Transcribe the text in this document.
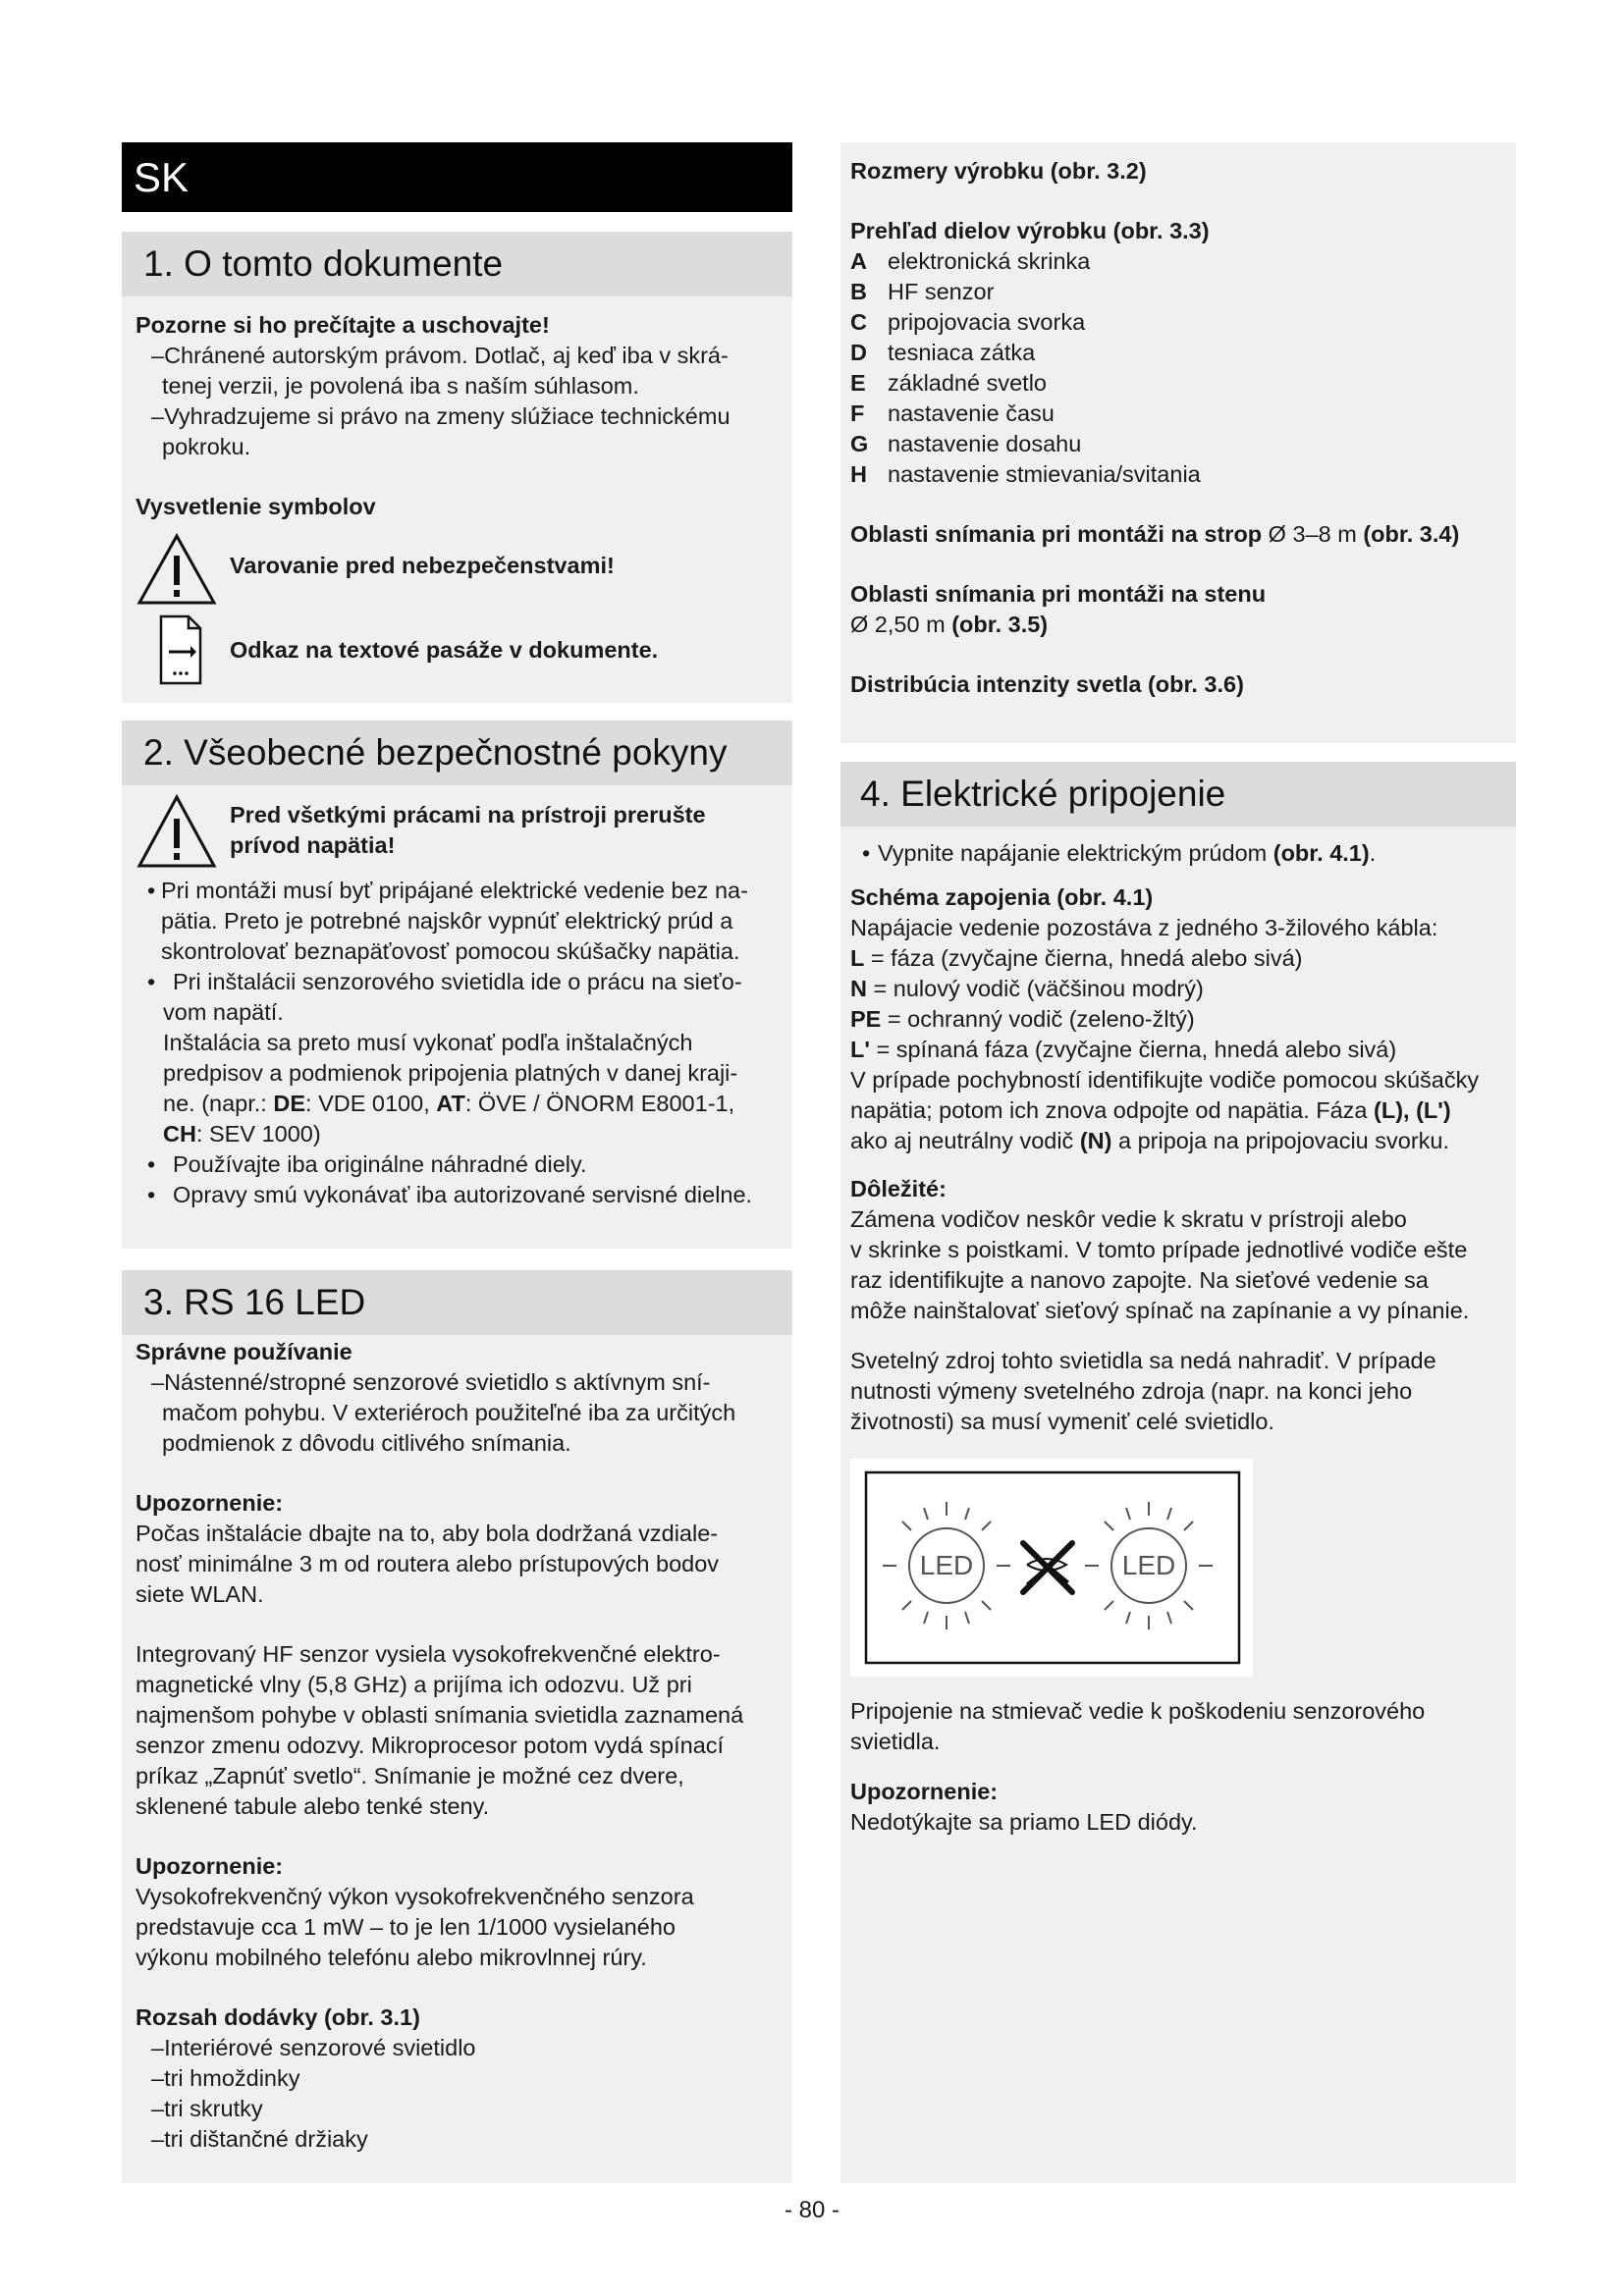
SK
1. O tomto dokumente
Pozorne si ho prečítajte a uschovajte!
–Chránené autorským právom. Dotlač, aj keď iba v skrá-
tenej verzii, je povolená iba s naším súhlasom.
–Vyhradzujeme si právo na zmeny slúžiace technickému
pokroku.
Vysvetlenie symbolov
Varovanie pred nebezpečenstvami!
Odkaz na textové pasáže v dokumente.
2. Všeobecné bezpečnostné pokyny
Pred všetkými prácami na prístroji prerušte
prívod napätia!
• Pri montáži musí byť pripájané elektrické vedenie bez na-
pätia. Preto je potrebné najskôr vypnúť elektrický prúd a
skontrolovať beznapäťovosť pomocou skúšačky napätia.
• Pri inštalácii senzorového svietidla ide o prácu na sieťo-
vom napätí.
Inštalácia sa preto musí vykonať podľa inštalačných
predpisov a podmienok pripojenia platných v danej kraji-
ne. (napr.: DE: VDE 0100, AT: ÖVE / ÖNORM E8001-1,
CH: SEV 1000)
• Používajte iba originálne náhradné diely.
• Opravy smú vykonávať iba autorizované servisné dielne.
3. RS 16 LED
Správne používanie
–Nástenné/stropné senzorové svietidlo s aktívnym sní-
mačom pohybu. V exteriéroch použiteľné iba za určitých
podmienok z dôvodu citlivého snímania.
Upozornenie:
Počas inštalácie dbajte na to, aby bola dodržaná vzdiale-
nosť minimálne 3 m od routera alebo prístupových bodov
siete WLAN.
Integrovaný HF senzor vysiela vysokofrekvenčné elektro-
magnetické vlny (5,8 GHz) a prijíma ich odozvu. Už pri
najmenšom pohybe v oblasti snímania svietidla zaznamená
senzor zmenu odozvy. Mikroprocesor potom vydá spínací
príkaz „Zapnúť svetlo“. Snímanie je možné cez dvere,
sklenené tabule alebo tenké steny.
Upozornenie:
Vysokofrekvenčný výkon vysokofrekvenčného senzora
predstavuje cca 1 mW – to je len 1/1000 vysielaného
výkonu mobilného telefónu alebo mikrovlnnej rúry.
Rozsah dodávky (obr. 3.1)
–Interiérové senzorové svietidlo
–tri hmoždinky
–tri skrutky
–tri dištančné držiaky
Rozmery výrobku (obr. 3.2)
Prehľad dielov výrobku (obr. 3.3)
A elektronická skrinka
B HF senzor
C pripojovacia svorka
D tesniaca zátka
E základné svetlo
F nastavenie času
G nastavenie dosahu
H nastavenie stmievania/svitania
Oblasti snímania pri montáži na strop Ø 3–8 m (obr. 3.4)
Oblasti snímania pri montáži na stenu
Ø 2,50 m (obr. 3.5)
Distribúcia intenzity svetla (obr. 3.6)
4. Elektrické pripojenie
• Vypnite napájanie elektrickým prúdom (obr. 4.1).
Schéma zapojenia (obr. 4.1)
Napájacie vedenie pozostáva z jedného 3-žilového kábla:
L = fáza (zvyčajne čierna, hnedá alebo sivá)
N = nulový vodič (väčšinou modrý)
PE = ochranný vodič (zeleno-žltý)
L' = spínaná fáza (zvyčajne čierna, hnedá alebo sivá)
V prípade pochybností identifikujte vodiče pomocou skúšačky
napätia; potom ich znova odpojte od napätia. Fáza (L), (L')
ako aj neutrálny vodič (N) a pripoja na pripojovaciu svorku.
Dôležité:
Zámena vodičov neskôr vedie k skratu v prístroji alebo
v skrinke s poistkami. V tomto prípade jednotlivé vodiče ešte
raz identifikujte a nanovo zapojte. Na sieťové vedenie sa
môže nainštalovať sieťový spínač na zapínanie a vy pínanie.
Svetelný zdroj tohto svietidla sa nedá nahradiť. V prípade
nutnosti výmeny svetelného zdroja (napr. na konci jeho
životnosti) sa musí vymeniť celé svietidlo.
LED	LED
Pripojenie na stmievač vedie k poškodeniu senzorového
svietidla.
Upozornenie:
Nedotýkajte sa priamo LED diódy.
- 80 -
